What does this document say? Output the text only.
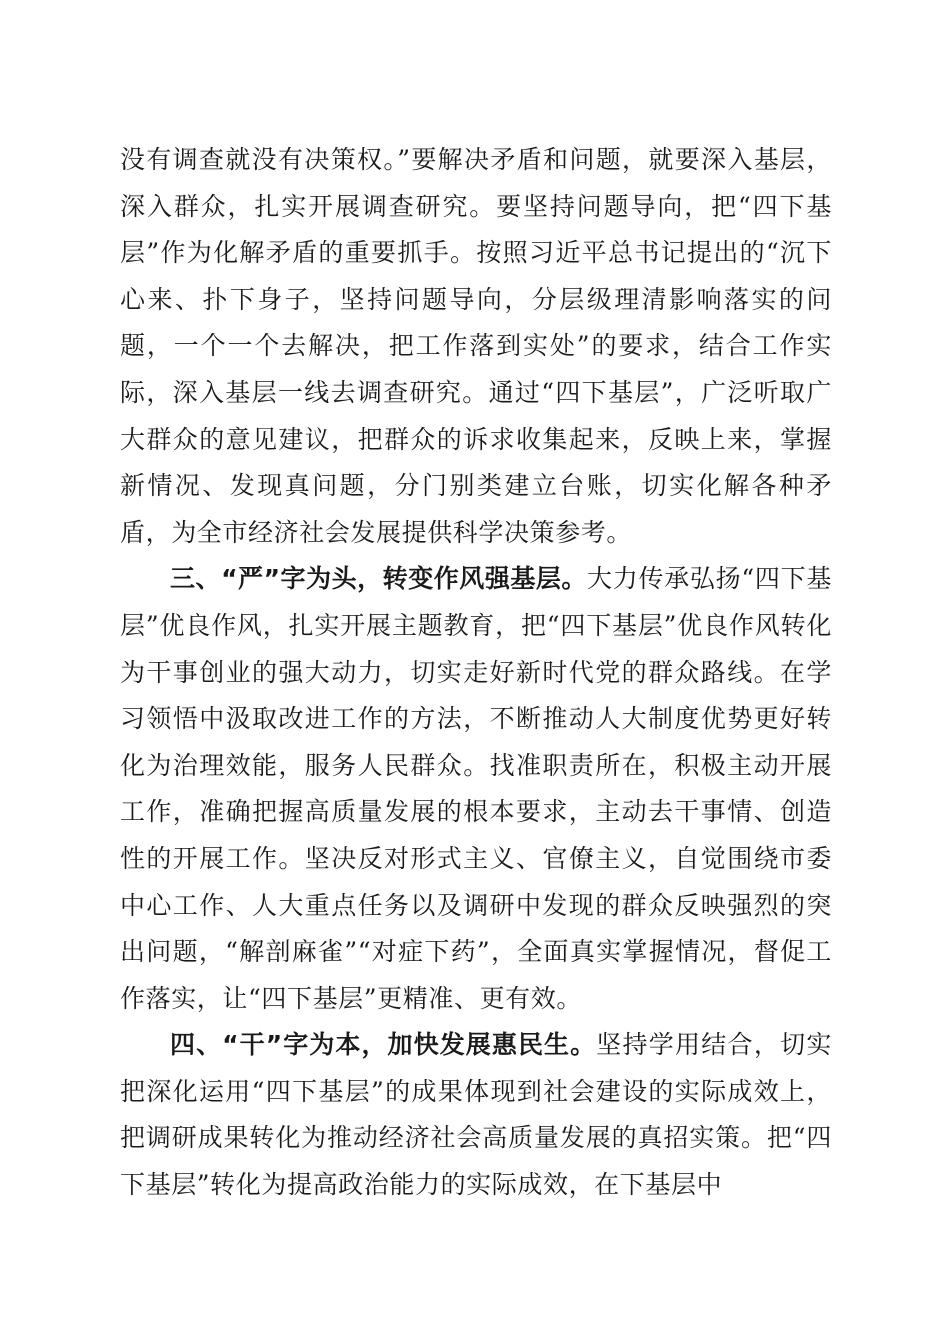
没有调查就没有决策权。”要解决矛盾和问题，就要深入基层，深入群众，扎实开展调查研究。要坚持问题导向，把“四下基层”作为化解矛盾的重要抓手。按照习近平总书记提出的“沉下心来、扑下身子，坚持问题导向，分层级理清影响落实的问题，一个一个去解决，把工作落到实处”的要求，结合工作实际，深入基层一线去调查研究。通过“四下基层”，广泛听取广大群众的意见建议，把群众的诉求收集起来，反映上来，掌握新情况、发现真问题，分门别类建立台账，切实化解各种矛盾，为全市经济社会发展提供科学决策参考。

三、“严”字为头，转变作风强基层。大力传承弘扬“四下基层”优良作风，扎实开展主题教育，把“四下基层”优良作风转化为干事创业的强大动力，切实走好新时代党的群众路线。在学习领悟中汲取改进工作的方法，不断推动人大制度优势更好转化为治理效能，服务人民群众。找准职责所在，积极主动开展工作，准确把握高质量发展的根本要求，主动去干事情、创造性的开展工作。坚决反对形式主义、官僚主义，自觉围绕市委中心工作、人大重点任务以及调研中发现的群众反映强烈的突出问题，“解剖麻雀”“对症下药”，全面真实掌握情况，督促工作落实，让“四下基层”更精准、更有效。

四、“干”字为本，加快发展惠民生。坚持学用结合，切实把深化运用“四下基层”的成果体现到社会建设的实际成效上，把调研成果转化为推动经济社会高质量发展的真招实策。把“四下基层”转化为提高政治能力的实际成效，在下基层中
